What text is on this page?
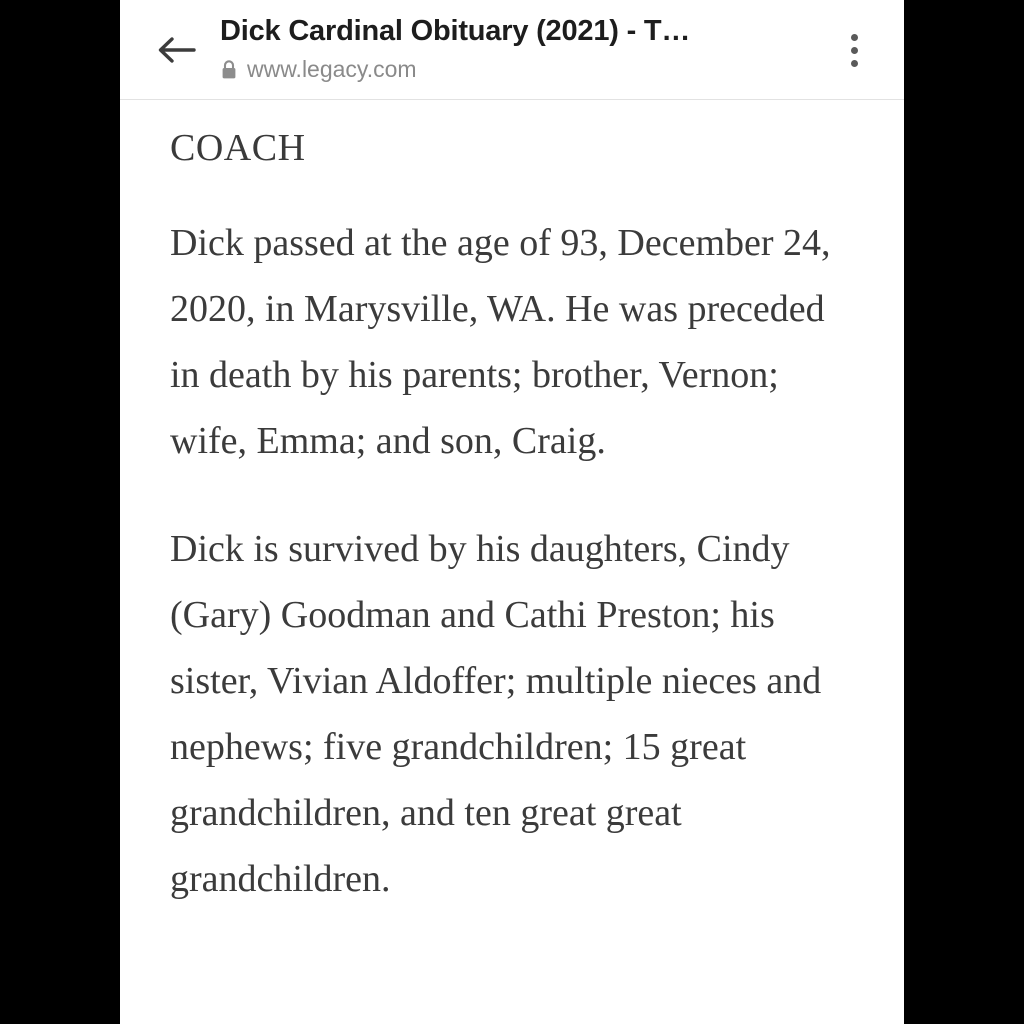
Dick Cardinal Obituary (2021) - T…
www.legacy.com
COACH

Dick passed at the age of 93, December 24, 2020, in Marysville, WA. He was preceded in death by his parents; brother, Vernon; wife, Emma; and son, Craig.

Dick is survived by his daughters, Cindy (Gary) Goodman and Cathi Preston; his sister, Vivian Aldoffer; multiple nieces and nephews; five grandchildren; 15 great grandchildren, and ten great great grandchildren.
